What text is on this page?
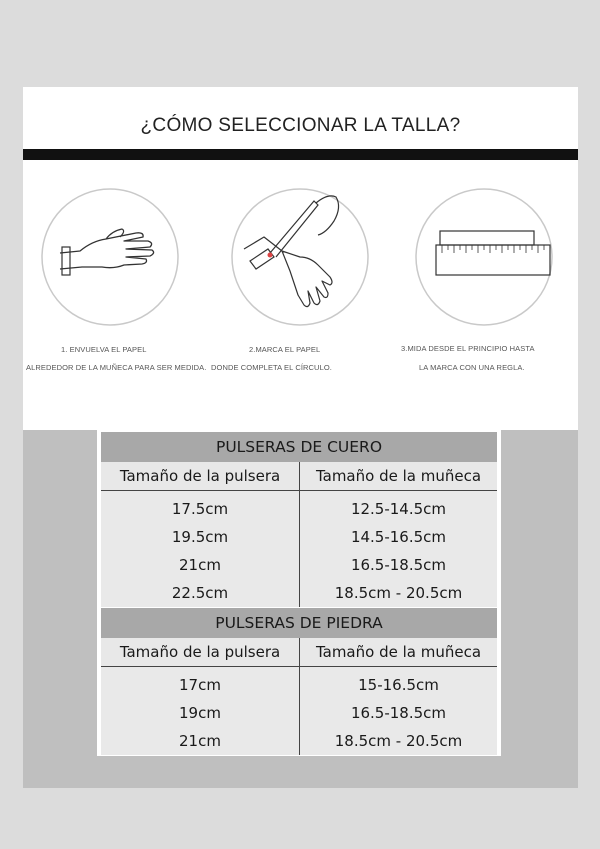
¿CÓMO SELECCIONAR LA TALLA?
1. ENVUELVA EL PAPEL
ALREDEDOR DE LA MUÑECA PARA SER MEDIDA.
2.MARCA EL PAPEL
DONDE COMPLETA EL CÍRCULO.
3.MIDA DESDE EL PRINCIPIO HASTA
LA MARCA CON UNA REGLA.
PULSERAS DE CUERO	
Tamaño de la pulsera	Tamaño de la muñeca
17.5cm	12.5-14.5cm
19.5cm	14.5-16.5cm
21cm	16.5-18.5cm
22.5cm	18.5cm - 20.5cm
PULSERAS DE PIEDRA	
Tamaño de la pulsera	Tamaño de la muñeca
17cm	15-16.5cm
19cm	16.5-18.5cm
21cm	18.5cm - 20.5cm
